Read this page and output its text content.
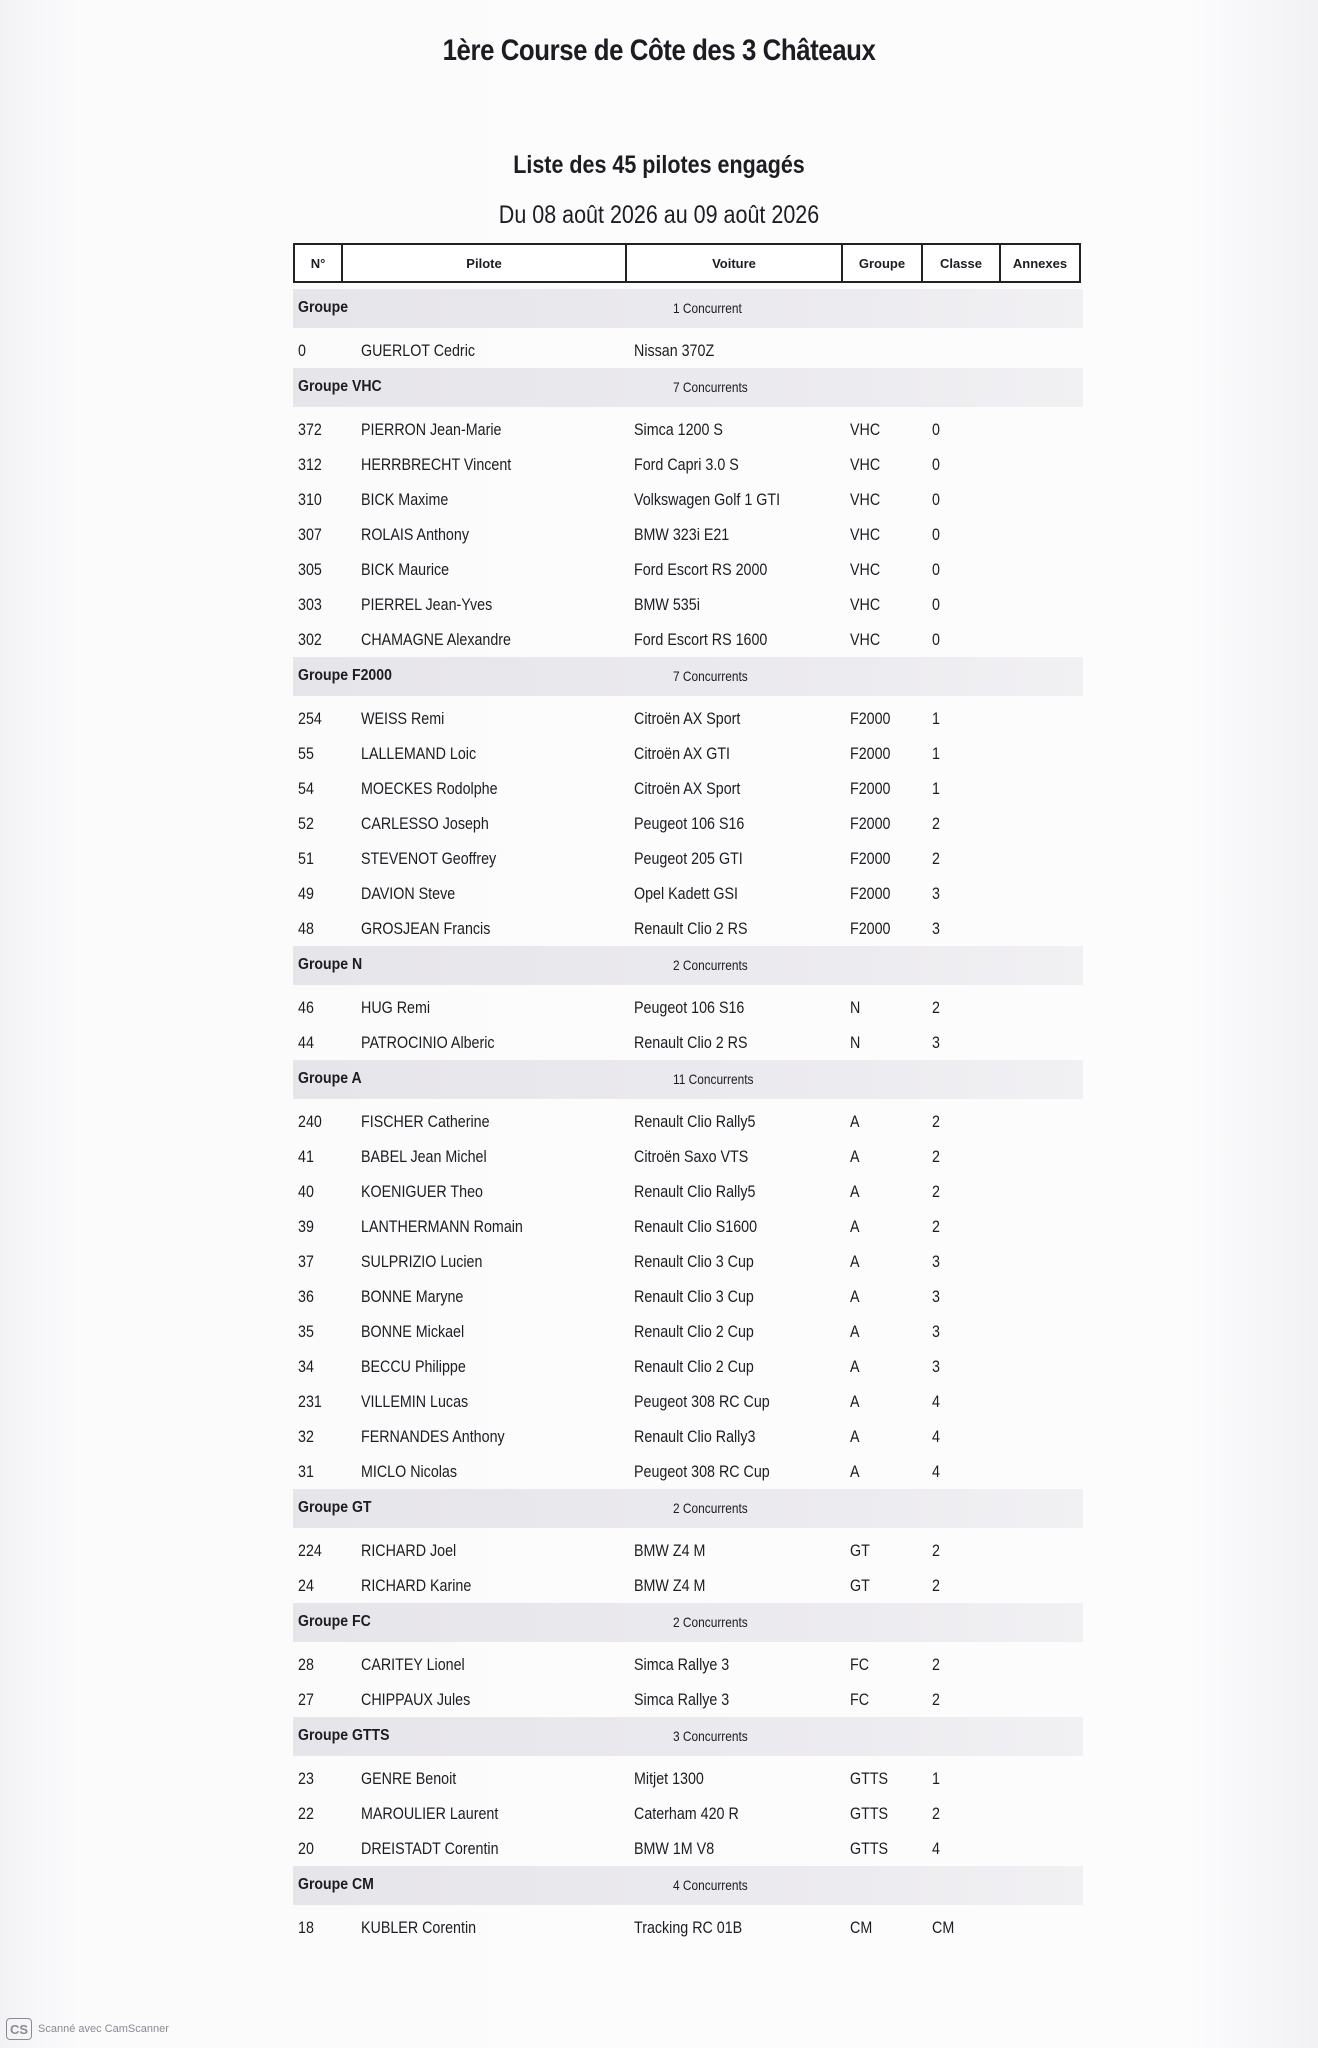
1ère Course de Côte des 3 Châteaux
Liste des 45 pilotes engagés
Du 08 août 2026 au 09 août 2026
N°	Pilote	Voiture	Groupe	Classe	Annexes
Groupe	1 Concurrent
0	GUERLOT Cedric	Nissan 370Z
Groupe VHC	7 Concurrents
372 PIERRON Jean-Marie	Simca 1200 S	VHC	0
312 HERRBRECHT Vincent	Ford Capri 3.0 S	VHC	0
310 BICK Maxime	Volkswagen Golf 1 GTI	VHC	0
307 ROLAIS Anthony	BMW 323i E21	VHC	0
305 BICK Maurice	Ford Escort RS 2000	VHC	0
303 PIERREL Jean-Yves	BMW 535i	VHC	0
302 CHAMAGNE Alexandre	Ford Escort RS 1600	VHC	0
Groupe F2000	7 Concurrents
254 WEISS Remi	Citroën AX Sport	F2000 1
55	LALLEMAND Loic	Citroën AX GTI	F2000 1
54	MOECKES Rodolphe	Citroën AX Sport	F2000 1
52	CARLESSO Joseph	Peugeot 106 S16	F2000 2
51	STEVENOT Geoffrey	Peugeot 205 GTI	F2000 2
49	DAVION Steve	Opel Kadett GSI	F2000 3
48	GROSJEAN Francis	Renault Clio 2 RS	F2000 3
Groupe N	2 Concurrents
46	HUG Remi	Peugeot 106 S16	N	2
44	PATROCINIO Alberic	Renault Clio 2 RS	N	3
Groupe A	11 Concurrents
240 FISCHER Catherine	Renault Clio Rally5	A	2
41	BABEL Jean Michel	Citroën Saxo VTS	A	2
40	KOENIGUER Theo	Renault Clio Rally5	A	2
39	LANTHERMANN Romain	Renault Clio S1600	A	2
37	SULPRIZIO Lucien	Renault Clio 3 Cup	A	3
36	BONNE Maryne	Renault Clio 3 Cup	A	3
35	BONNE Mickael	Renault Clio 2 Cup	A	3
34	BECCU Philippe	Renault Clio 2 Cup	A	3
231 VILLEMIN Lucas	Peugeot 308 RC Cup	A	4
32	FERNANDES Anthony	Renault Clio Rally3	A	4
31	MICLO Nicolas	Peugeot 308 RC Cup	A	4
Groupe GT	2 Concurrents
224 RICHARD Joel	BMW Z4 M	GT	2
24	RICHARD Karine	BMW Z4 M	GT	2
Groupe FC	2 Concurrents
28	CARITEY Lionel	Simca Rallye 3	FC	2
27	CHIPPAUX Jules	Simca Rallye 3	FC	2
Groupe GTTS	3 Concurrents
23	GENRE Benoit	Mitjet 1300	GTTS	1
22	MAROULIER Laurent	Caterham 420 R	GTTS	2
20	DREISTADT Corentin	BMW 1M V8	GTTS	4
Groupe CM	4 Concurrents
18	KUBLER Corentin	Tracking RC 01B	CM	CM
CS Scanné avec CamScanner
